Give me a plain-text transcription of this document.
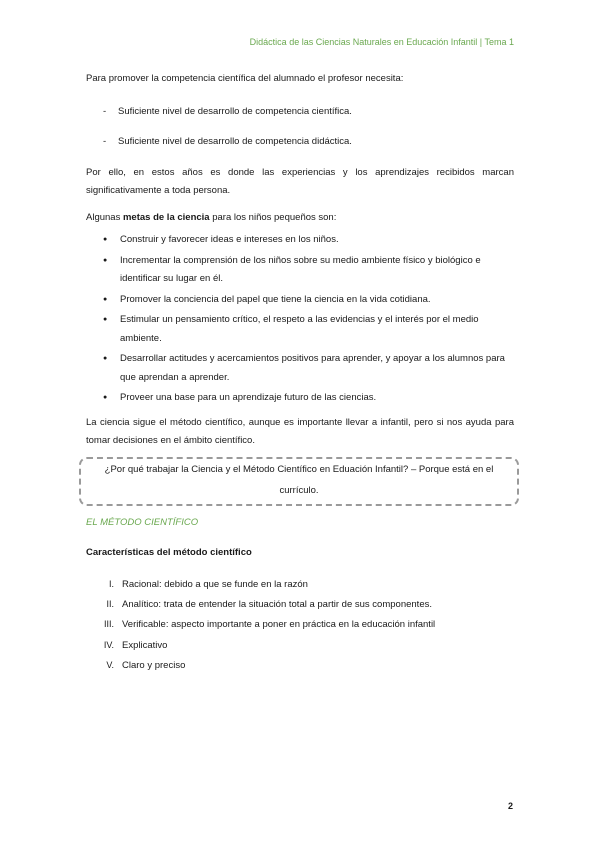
Didáctica de las Ciencias Naturales en Educación Infantil | Tema 1

Para promover la competencia científica del alumnado el profesor necesita:

-	Suficiente nivel de desarrollo de competencia científica.
-	Suficiente nivel de desarrollo de competencia didáctica.

Por ello, en estos años es donde las experiencias y los aprendizajes recibidos marcan significativamente a toda persona.

Algunas metas de la ciencia para los niños pequeños son:

●	Construir y favorecer ideas e intereses en los niños.
●	Incrementar la comprensión de los niños sobre su medio ambiente físico y biológico e identificar su lugar en él.
●	Promover la conciencia del papel que tiene la ciencia en la vida cotidiana.
●	Estimular un pensamiento crítico, el respeto a las evidencias y el interés por el medio ambiente.
●	Desarrollar actitudes y acercamientos positivos para aprender, y apoyar a los alumnos para que aprendan a aprender.
●	Proveer una base para un aprendizaje futuro de las ciencias.

La ciencia sigue el método científico, aunque es importante llevar a infantil, pero si nos ayuda para tomar decisiones en el ámbito científico.

¿Por qué trabajar la Ciencia y el Método Científico en Eduación Infantil? – Porque está en el
currículo.

EL MÉTODO CIENTÍFICO

Características del método científico

I. Racional: debido a que se funde en la razón
II. Analítico: trata de entender la situación total a partir de sus componentes.
III. Verificable: aspecto importante a poner en práctica en la educación infantil
IV. Explicativo
V. Claro y preciso
2
